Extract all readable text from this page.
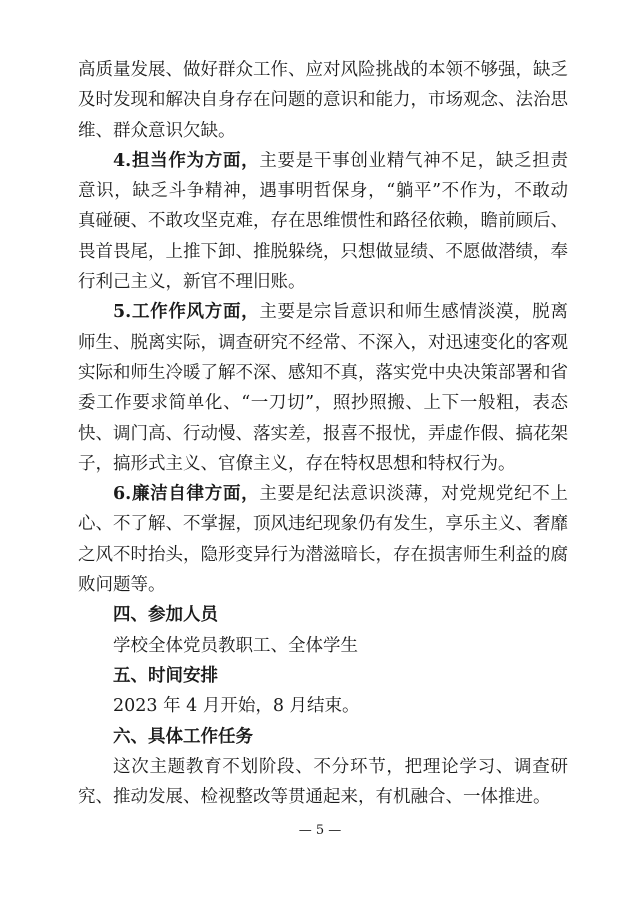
高质量发展、做好群众工作、应对风险挑战的本领不够强，缺乏及时发现和解决自身存在问题的意识和能力，市场观念、法治思维、群众意识欠缺。

4.担当作为方面，主要是干事创业精气神不足，缺乏担责意识，缺乏斗争精神，遇事明哲保身，“躺平”不作为，不敢动真碰硬、不敢攻坚克难，存在思维惯性和路径依赖，瞻前顾后、畏首畏尾，上推下卸、推脱躲绕，只想做显绩、不愿做潜绩，奉行利己主义，新官不理旧账。

5.工作作风方面，主要是宗旨意识和师生感情淡漠，脱离师生、脱离实际，调查研究不经常、不深入，对迅速变化的客观实际和师生冷暖了解不深、感知不真，落实党中央决策部署和省委工作要求简单化、“一刀切”，照抄照搬、上下一般粗，表态快、调门高、行动慢、落实差，报喜不报忧，弄虚作假、搞花架子，搞形式主义、官僚主义，存在特权思想和特权行为。

6.廉洁自律方面，主要是纪法意识淡薄，对党规党纪不上心、不了解、不掌握，顶风违纪现象仍有发生，享乐主义、奢靡之风不时抬头，隐形变异行为潜滋暗长，存在损害师生利益的腐败问题等。

四、参加人员

学校全体党员教职工、全体学生

五、时间安排

2023 年 4 月开始，8 月结束。

六、具体工作任务

这次主题教育不划阶段、不分环节，把理论学习、调查研究、推动发展、检视整改等贯通起来，有机融合、一体推进。

— 5 —
